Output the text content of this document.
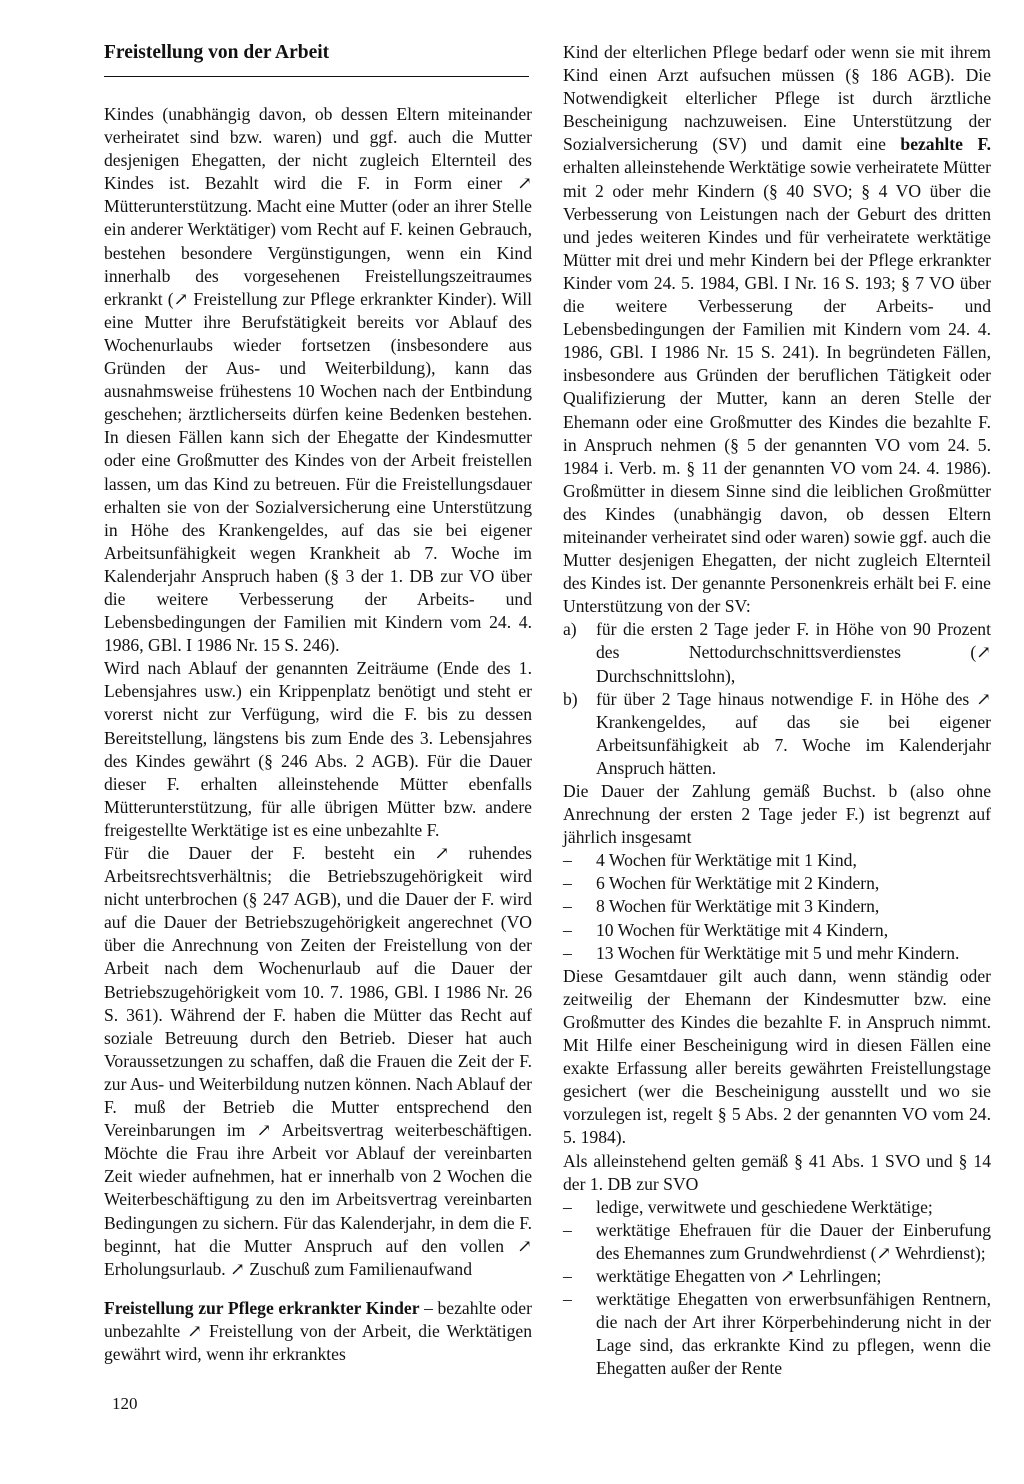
Freistellung von der Arbeit

Kindes (unabhängig davon, ob dessen Eltern miteinander verheiratet sind bzw. waren) und ggf. auch die Mutter desjenigen Ehegatten, der nicht zugleich Elternteil des Kindes ist. Bezahlt wird die F. in Form einer ↗ Mütterunterstützung. Macht eine Mutter (oder an ihrer Stelle ein anderer Werktätiger) vom Recht auf F. keinen Gebrauch, bestehen besondere Vergünstigungen, wenn ein Kind innerhalb des vorgesehenen Freistellungszeitraumes erkrankt (↗ Freistellung zur Pflege erkrankter Kinder). Will eine Mutter ihre Berufstätigkeit bereits vor Ablauf des Wochenurlaubs wieder fortsetzen (insbesondere aus Gründen der Aus- und Weiterbildung), kann das ausnahmsweise frühestens 10 Wochen nach der Entbindung geschehen; ärztlicherseits dürfen keine Bedenken bestehen. In diesen Fällen kann sich der Ehegatte der Kindesmutter oder eine Großmutter des Kindes von der Arbeit freistellen lassen, um das Kind zu betreuen. Für die Freistellungsdauer erhalten sie von der Sozialversicherung eine Unterstützung in Höhe des Krankengeldes, auf das sie bei eigener Arbeitsunfähigkeit wegen Krankheit ab 7. Woche im Kalenderjahr Anspruch haben (§ 3 der 1. DB zur VO über die weitere Verbesserung der Arbeits- und Lebensbedingungen der Familien mit Kindern vom 24. 4. 1986, GBl. I 1986 Nr. 15 S. 246).

Wird nach Ablauf der genannten Zeiträume (Ende des 1. Lebensjahres usw.) ein Krippenplatz benötigt und steht er vorerst nicht zur Verfügung, wird die F. bis zu dessen Bereitstellung, längstens bis zum Ende des 3. Lebensjahres des Kindes gewährt (§ 246 Abs. 2 AGB). Für die Dauer dieser F. erhalten alleinstehende Mütter ebenfalls Mütterunterstützung, für alle übrigen Mütter bzw. andere freigestellte Werktätige ist es eine unbezahlte F.

Für die Dauer der F. besteht ein ↗ ruhendes Arbeitsrechtsverhältnis; die Betriebszugehörigkeit wird nicht unterbrochen (§ 247 AGB), und die Dauer der F. wird auf die Dauer der Betriebszugehörigkeit angerechnet (VO über die Anrechnung von Zeiten der Freistellung von der Arbeit nach dem Wochenurlaub auf die Dauer der Betriebszugehörigkeit vom 10. 7. 1986, GBl. I 1986 Nr. 26 S. 361). Während der F. haben die Mütter das Recht auf soziale Betreuung durch den Betrieb. Dieser hat auch Voraussetzungen zu schaffen, daß die Frauen die Zeit der F. zur Aus- und Weiterbildung nutzen können. Nach Ablauf der F. muß der Betrieb die Mutter entsprechend den Vereinbarungen im ↗ Arbeitsvertrag weiterbeschäftigen. Möchte die Frau ihre Arbeit vor Ablauf der vereinbarten Zeit wieder aufnehmen, hat er innerhalb von 2 Wochen die Weiterbeschäftigung zu den im Arbeitsvertrag vereinbarten Bedingungen zu sichern. Für das Kalenderjahr, in dem die F. beginnt, hat die Mutter Anspruch auf den vollen ↗ Erholungsurlaub. ↗ Zuschuß zum Familienaufwand

Freistellung zur Pflege erkrankter Kinder – bezahlte oder unbezahlte ↗ Freistellung von der Arbeit, die Werktätigen gewährt wird, wenn ihr erkranktes

Kind der elterlichen Pflege bedarf oder wenn sie mit ihrem Kind einen Arzt aufsuchen müssen (§ 186 AGB). Die Notwendigkeit elterlicher Pflege ist durch ärztliche Bescheinigung nachzuweisen. Eine Unterstützung der Sozialversicherung (SV) und damit eine bezahlte F. erhalten alleinstehende Werktätige sowie verheiratete Mütter mit 2 oder mehr Kindern (§ 40 SVO; § 4 VO über die Verbesserung von Leistungen nach der Geburt des dritten und jedes weiteren Kindes und für verheiratete werktätige Mütter mit drei und mehr Kindern bei der Pflege erkrankter Kinder vom 24. 5. 1984, GBl. I Nr. 16 S. 193; § 7 VO über die weitere Verbesserung der Arbeits- und Lebensbedingungen der Familien mit Kindern vom 24. 4. 1986, GBl. I 1986 Nr. 15 S. 241). In begründeten Fällen, insbesondere aus Gründen der beruflichen Tätigkeit oder Qualifizierung der Mutter, kann an deren Stelle der Ehemann oder eine Großmutter des Kindes die bezahlte F. in Anspruch nehmen (§ 5 der genannten VO vom 24. 5. 1984 i. Verb. m. § 11 der genannten VO vom 24. 4. 1986). Großmütter in diesem Sinne sind die leiblichen Großmütter des Kindes (unabhängig davon, ob dessen Eltern miteinander verheiratet sind oder waren) sowie ggf. auch die Mutter desjenigen Ehegatten, der nicht zugleich Elternteil des Kindes ist. Der genannte Personenkreis erhält bei F. eine Unterstützung von der SV:

a) für die ersten 2 Tage jeder F. in Höhe von 90 Prozent des Nettodurchschnittsverdienstes (↗ Durchschnittslohn),
b) für über 2 Tage hinaus notwendige F. in Höhe des ↗ Krankengeldes, auf das sie bei eigener Arbeitsunfähigkeit ab 7. Woche im Kalenderjahr Anspruch hätten.

Die Dauer der Zahlung gemäß Buchst. b (also ohne Anrechnung der ersten 2 Tage jeder F.) ist begrenzt auf jährlich insgesamt

– 4 Wochen für Werktätige mit 1 Kind,
– 6 Wochen für Werktätige mit 2 Kindern,
– 8 Wochen für Werktätige mit 3 Kindern,
– 10 Wochen für Werktätige mit 4 Kindern,
– 13 Wochen für Werktätige mit 5 und mehr Kindern.

Diese Gesamtdauer gilt auch dann, wenn ständig oder zeitweilig der Ehemann der Kindesmutter bzw. eine Großmutter des Kindes die bezahlte F. in Anspruch nimmt. Mit Hilfe einer Bescheinigung wird in diesen Fällen eine exakte Erfassung aller bereits gewährten Freistellungstage gesichert (wer die Bescheinigung ausstellt und wo sie vorzulegen ist, regelt § 5 Abs. 2 der genannten VO vom 24. 5. 1984).

Als alleinstehend gelten gemäß § 41 Abs. 1 SVO und § 14 der 1. DB zur SVO

– ledige, verwitwete und geschiedene Werktätige;
– werktätige Ehefrauen für die Dauer der Einberufung des Ehemannes zum Grundwehrdienst (↗ Wehrdienst);
– werktätige Ehegatten von ↗ Lehrlingen;
– werktätige Ehegatten von erwerbsunfähigen Rentnern, die nach der Art ihrer Körperbehinderung nicht in der Lage sind, das erkrankte Kind zu pflegen, wenn die Ehegatten außer der Rente
120
